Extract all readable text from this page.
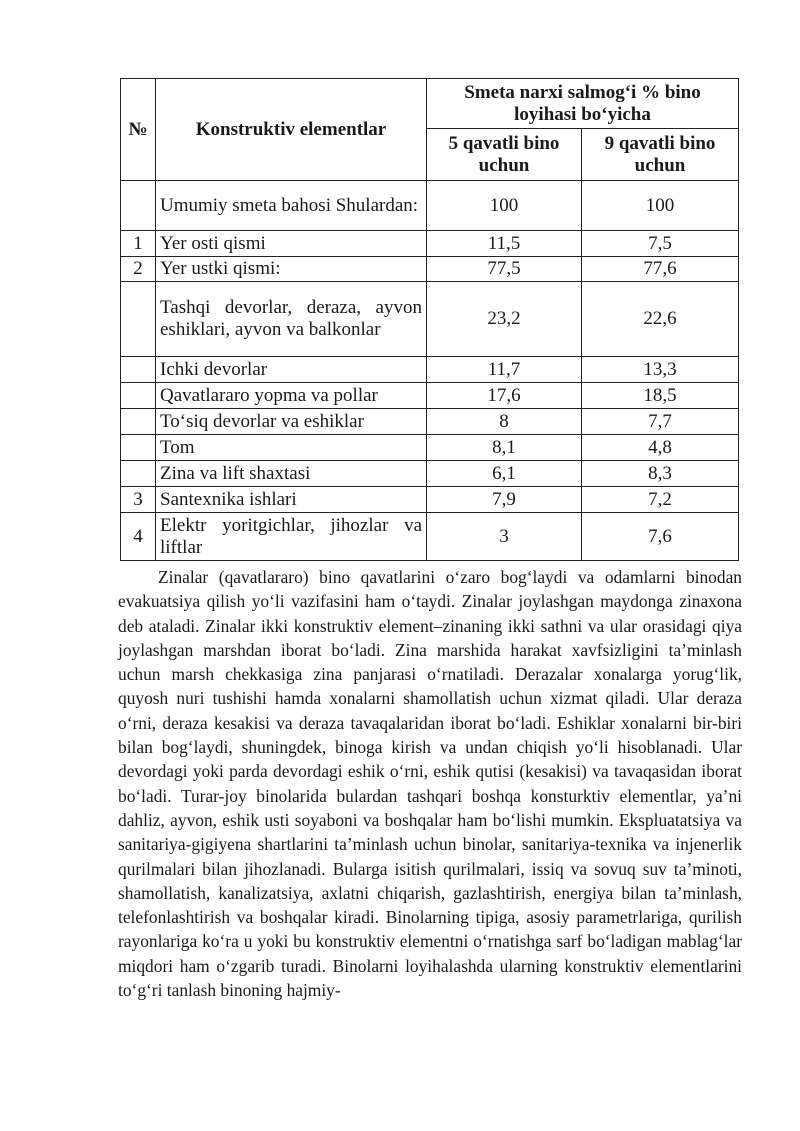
№	Konstruktiv elementlar	Smeta narxi salmog‘i % bino loyihasi bo‘yicha	
		5 qavatli bino uchun	9 qavatli bino uchun
	Umumiy smeta bahosi Shulardan:	100	100
1	Yer osti qismi	11,5	7,5
2	Yer ustki qismi:	77,5	77,6
	Tashqi devorlar, deraza, ayvon eshiklari, ayvon va balkonlar	23,2	22,6
	Ichki devorlar	11,7	13,3
	Qavatlararo yopma va pollar	17,6	18,5
	To‘siq devorlar va eshiklar	8	7,7
	Tom	8,1	4,8
	Zina va lift shaxtasi	6,1	8,3
3	Santexnika ishlari	7,9	7,2
4	Elektr yoritgichlar, jihozlar va liftlar	3	7,6

Zinalar (qavatlararo) bino qavatlarini o‘zaro bog‘laydi va odamlarni binodan evakuatsiya qilish yo‘li vazifasini ham o‘taydi. Zinalar joylashgan maydonga zinaxona deb ataladi. Zinalar ikki konstruktiv element–zinaning ikki sathni va ular orasidagi qiya joylashgan marshdan iborat bo‘ladi. Zina marshida harakat xavfsizligini ta’minlash uchun marsh chekkasiga zina panjarasi o‘rnatiladi. Derazalar xonalarga yorug‘lik, quyosh nuri tushishi hamda xonalarni shamollatish uchun xizmat qiladi. Ular deraza o‘rni, deraza kesakisi va deraza tavaqalaridan iborat bo‘ladi. Eshiklar xonalarni bir-biri bilan bog‘laydi, shuningdek, binoga kirish va undan chiqish yo‘li hisoblanadi. Ular devordagi yoki parda devordagi eshik o‘rni, eshik qutisi (kesakisi) va tavaqasidan iborat bo‘ladi. Turar-joy binolarida bulardan tashqari boshqa konsturktiv elementlar, ya’ni dahliz, ayvon, eshik usti soyaboni va boshqalar ham bo‘lishi mumkin. Ekspluatatsiya va sanitariya-gigiyena shartlarini ta’minlash uchun binolar, sanitariya-texnika va injenerlik qurilmalari bilan jihozlanadi. Bularga isitish qurilmalari, issiq va sovuq suv ta’minoti, shamollatish, kanalizatsiya, axlatni chiqarish, gazlashtirish, energiya bilan ta’minlash, telefonlashtirish va boshqalar kiradi. Binolarning tipiga, asosiy parametrlariga, qurilish rayonlariga ko‘ra u yoki bu konstruktiv elementni o‘rnatishga sarf bo‘ladigan mablag‘lar miqdori ham o‘zgarib turadi. Binolarni loyihalashda ularning konstruktiv elementlarini to‘g‘ri tanlash binoning hajmiy-
